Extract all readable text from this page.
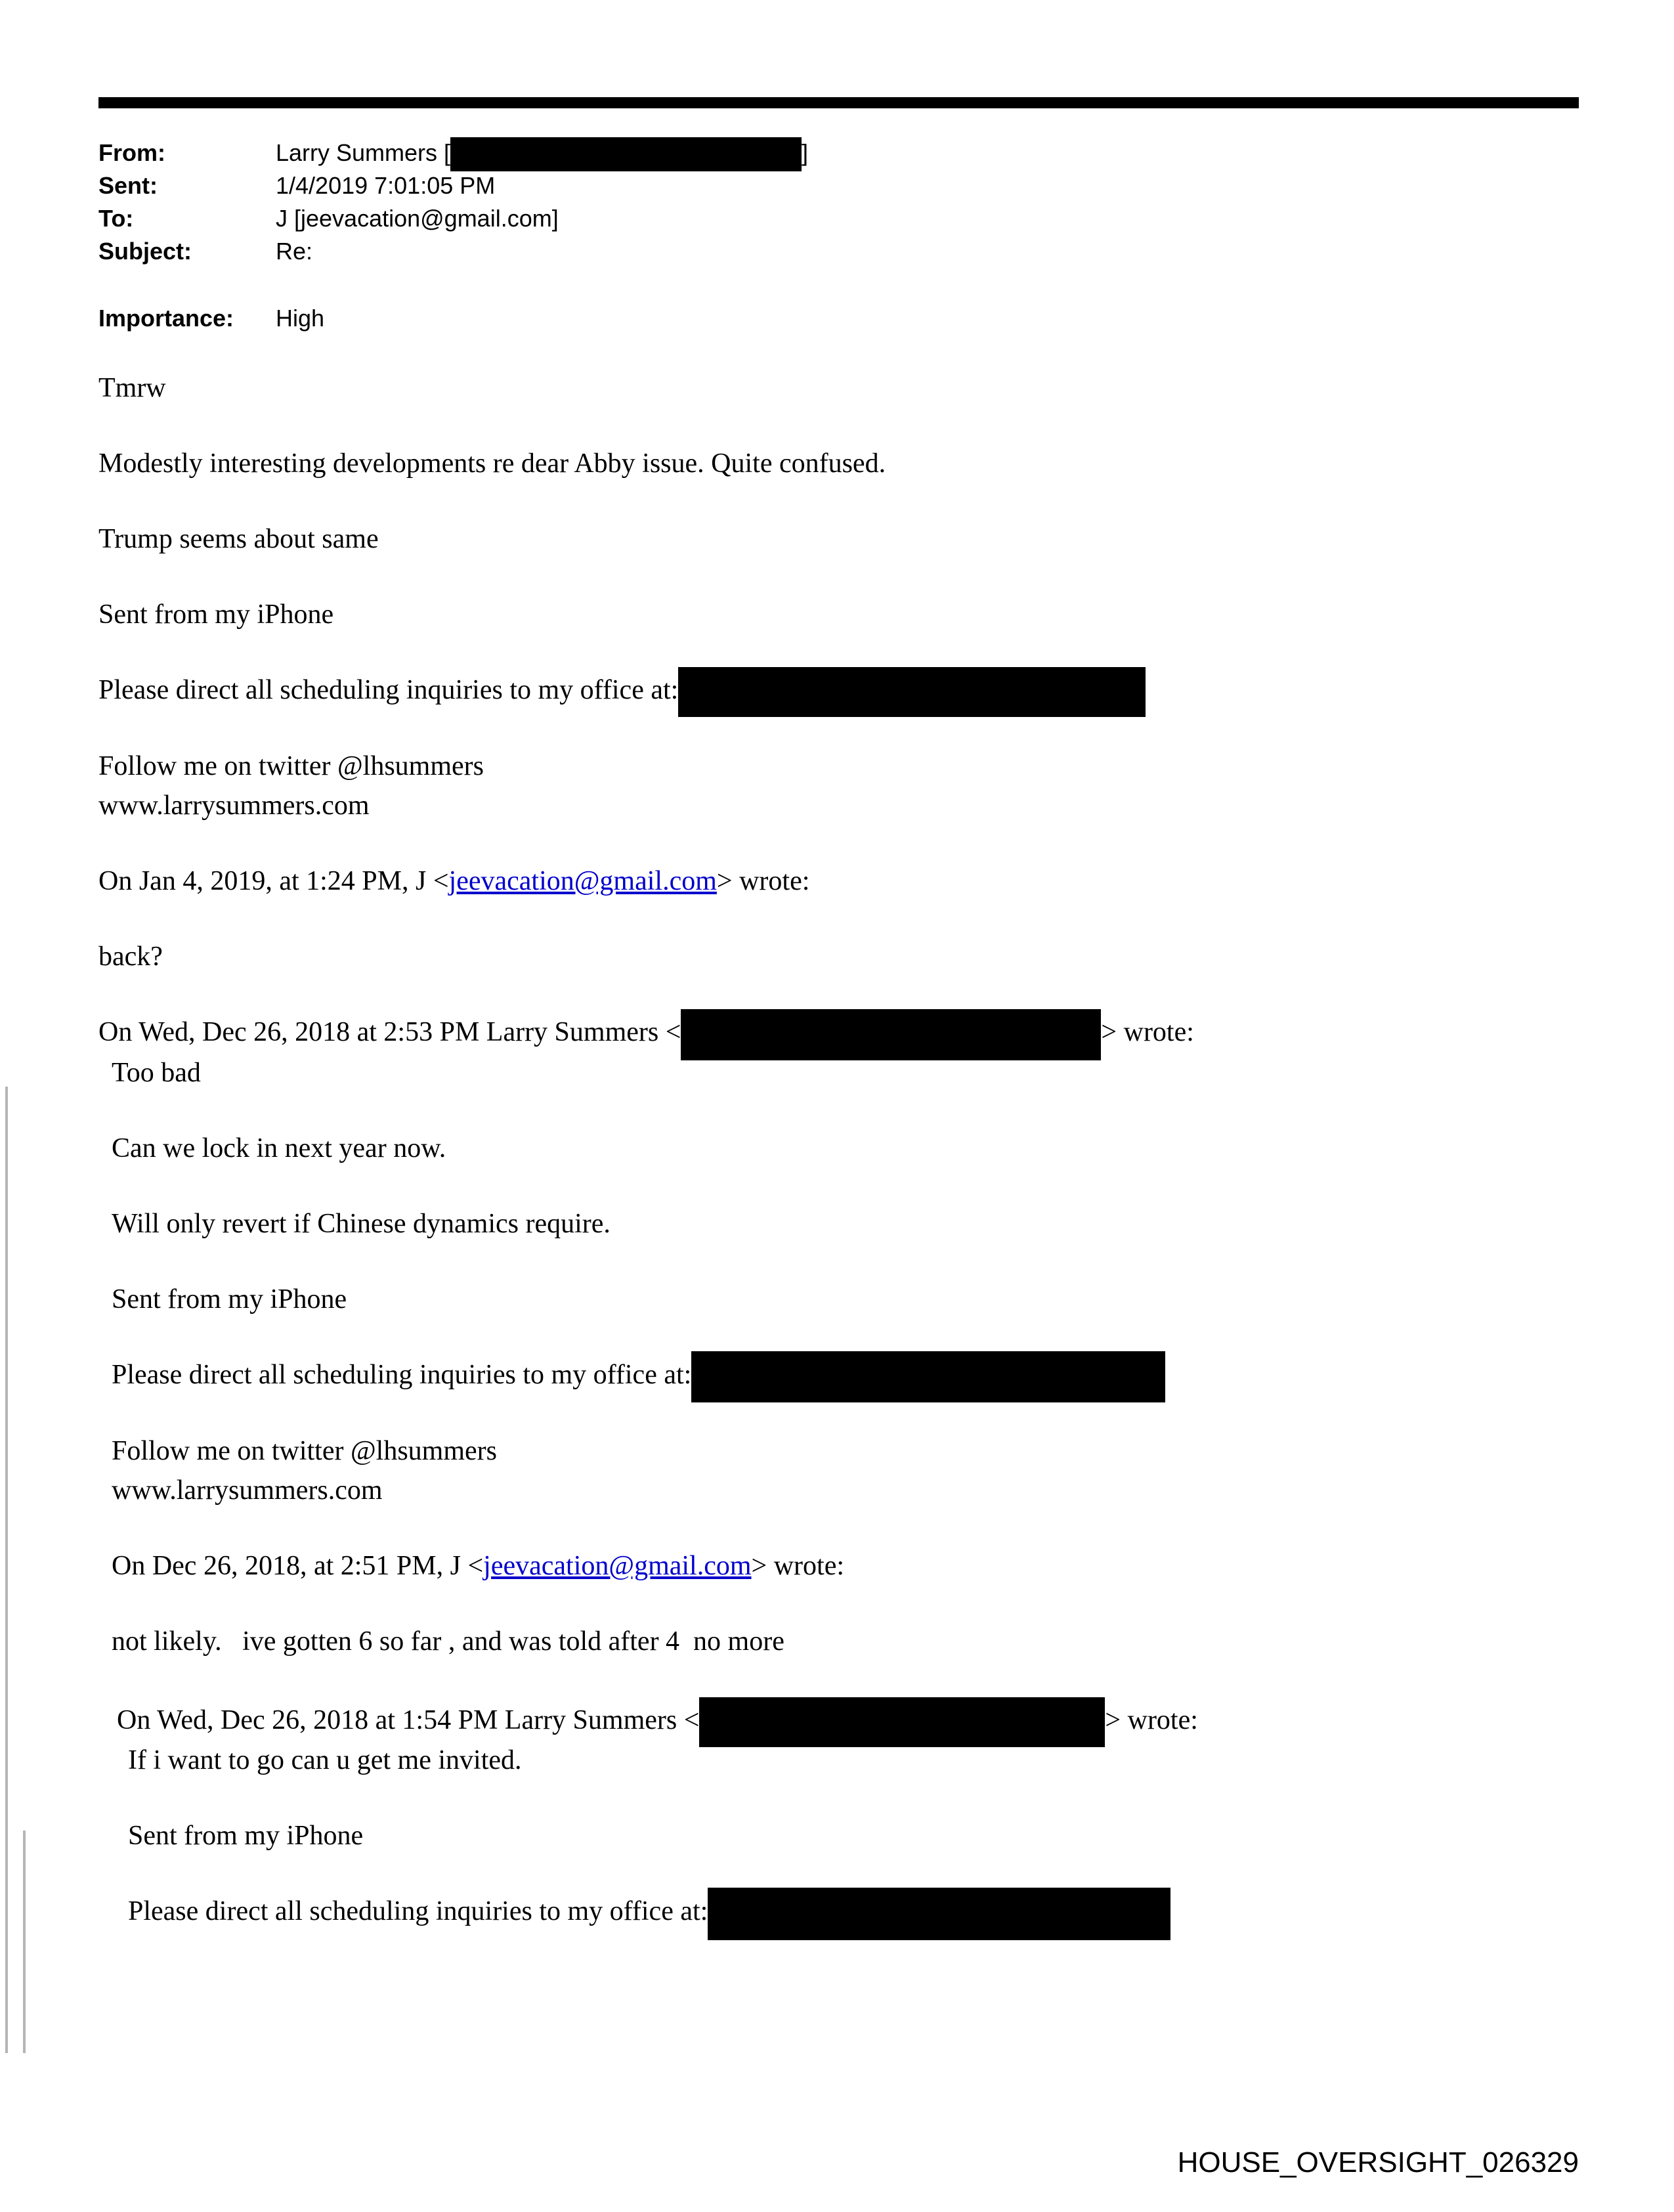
From:	Larry Summers [	]
Sent:	1/4/2019 7:01:05 PM
To:	J [jeevacation@gmail.com]
Subject:	Re:
Importance:	High

Tmrw

Modestly interesting developments re dear Abby issue. Quite confused.

Trump seems about same

Sent from my iPhone

Please direct all scheduling inquiries to my office at:

Follow me on twitter @lhsummers
www.larrysummers.com

On Jan 4, 2019, at 1:24 PM, J <jeevacation@gmail.com> wrote:

back?

On Wed, Dec 26, 2018 at 2:53 PM Larry Summers <	> wrote:

Too bad

Can we lock in next year now.

Will only revert if Chinese dynamics require.

Sent from my iPhone

Please direct all scheduling inquiries to my office at:

Follow me on twitter @lhsummers
www.larrysummers.com

On Dec 26, 2018, at 2:51 PM, J <jeevacation@gmail.com> wrote:

not likely.   ive gotten 6 so far , and was told after 4  no more

On Wed, Dec 26, 2018 at 1:54 PM Larry Summers <	> wrote:

If i want to go can u get me invited.

Sent from my iPhone

Please direct all scheduling inquiries to my office at:

HOUSE_OVERSIGHT_026329
